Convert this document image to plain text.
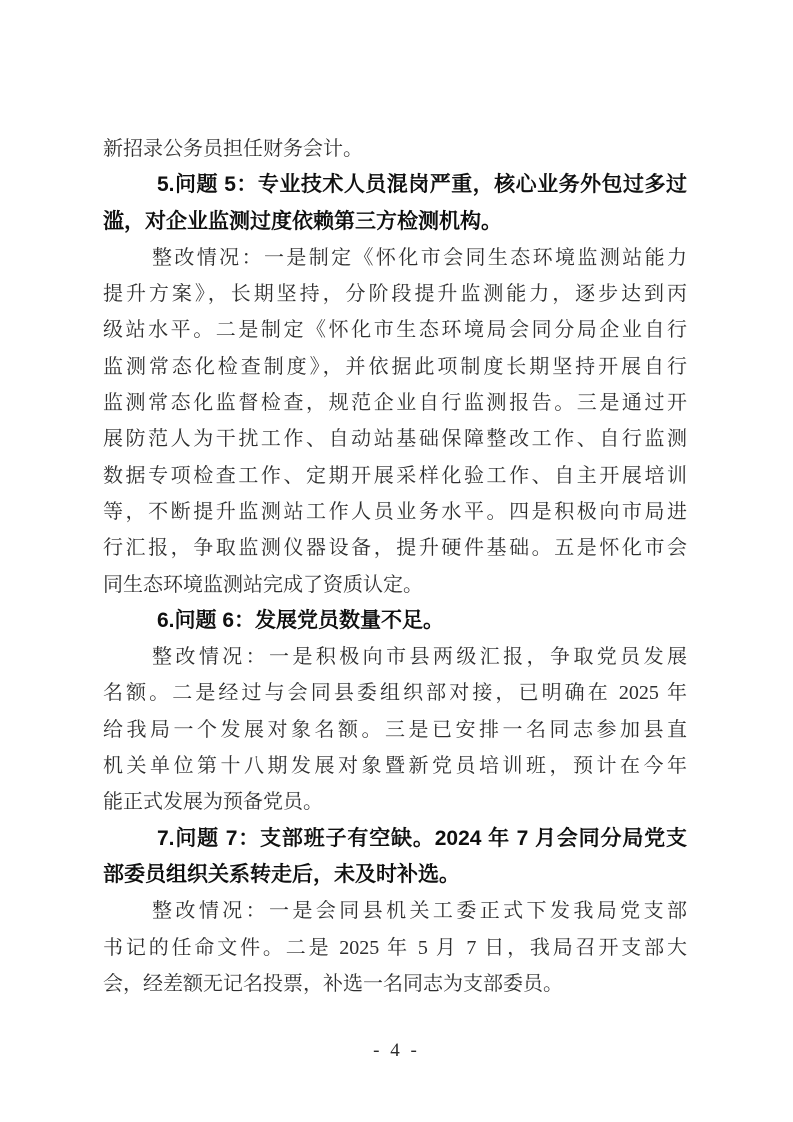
新招录公务员担任财务会计。
5.问题 5：专业技术人员混岗严重，核心业务外包过多过
滥，对企业监测过度依赖第三方检测机构。
整改情况：一是制定《怀化市会同生态环境监测站能力
提升方案》，长期坚持，分阶段提升监测能力，逐步达到丙
级站水平。二是制定《怀化市生态环境局会同分局企业自行
监测常态化检查制度》，并依据此项制度长期坚持开展自行
监测常态化监督检查，规范企业自行监测报告。三是通过开
展防范人为干扰工作、自动站基础保障整改工作、自行监测
数据专项检查工作、定期开展采样化验工作、自主开展培训
等，不断提升监测站工作人员业务水平。四是积极向市局进
行汇报，争取监测仪器设备，提升硬件基础。五是怀化市会
同生态环境监测站完成了资质认定。
6.问题 6：发展党员数量不足。
整改情况：一是积极向市县两级汇报，争取党员发展
名额。二是经过与会同县委组织部对接，已明确在 2025 年
给我局一个发展对象名额。三是已安排一名同志参加县直
机关单位第十八期发展对象暨新党员培训班，预计在今年
能正式发展为预备党员。
7.问题 7：支部班子有空缺。2024 年 7 月会同分局党支
部委员组织关系转走后，未及时补选。
整改情况：一是会同县机关工委正式下发我局党支部
书记的任命文件。二是 2025 年 5 月 7 日，我局召开支部大
会，经差额无记名投票，补选一名同志为支部委员。
- 4 -
